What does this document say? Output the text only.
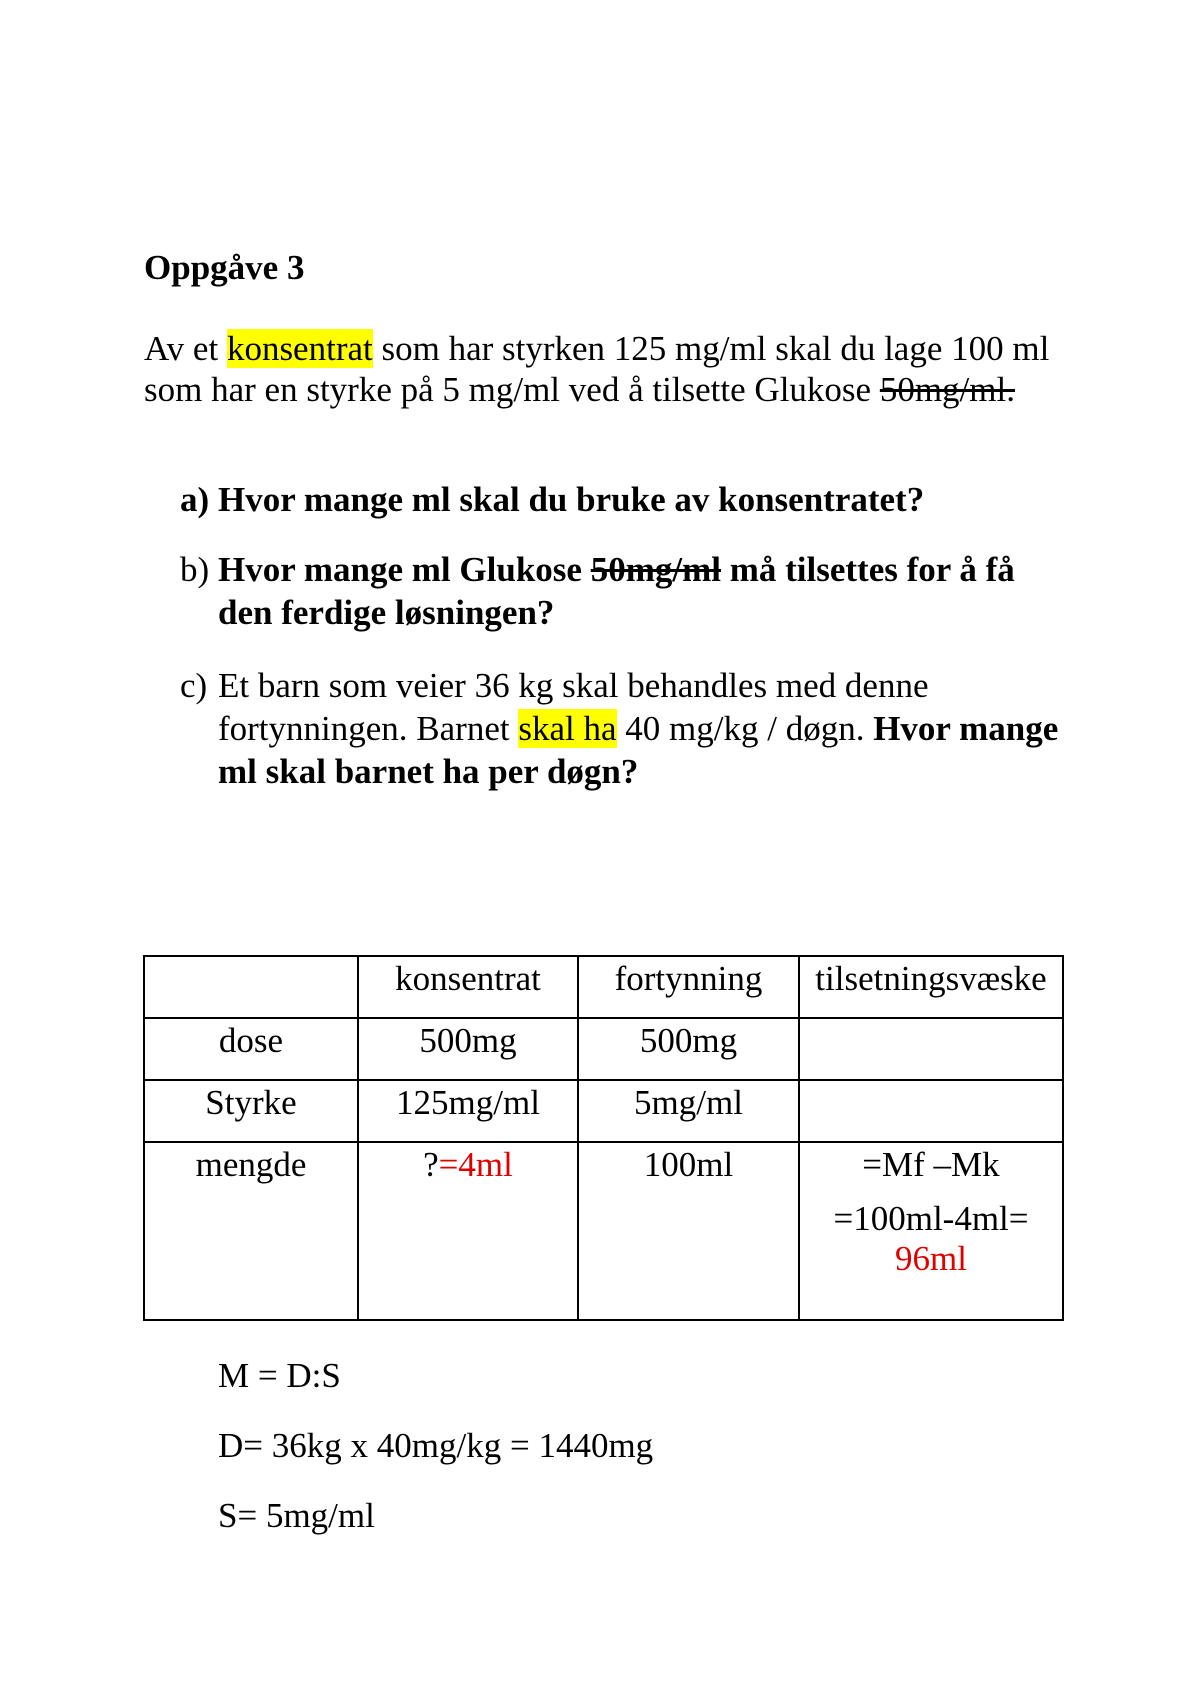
Oppgåve 3
Av et konsentrat som har styrken 125 mg/ml skal du lage 100 ml som har en styrke på 5 mg/ml ved å tilsette Glukose 50mg/ml.
a) Hvor mange ml skal du bruke av konsentratet?
b) Hvor mange ml Glukose 50mg/ml må tilsettes for å få den ferdige løsningen?
c) Et barn som veier 36 kg skal behandles med denne fortynningen. Barnet skal ha 40 mg/kg / døgn. Hvor mange ml skal barnet ha per døgn?
	konsentrat	fortynning	tilsetningsvæske
dose	500mg	500mg	
Styrke	125mg/ml	5mg/ml	
mengde	?=4ml	100ml	=Mf –Mk
=100ml-4ml=
96ml
M = D:S
D= 36kg x 40mg/kg = 1440mg
S= 5mg/ml
